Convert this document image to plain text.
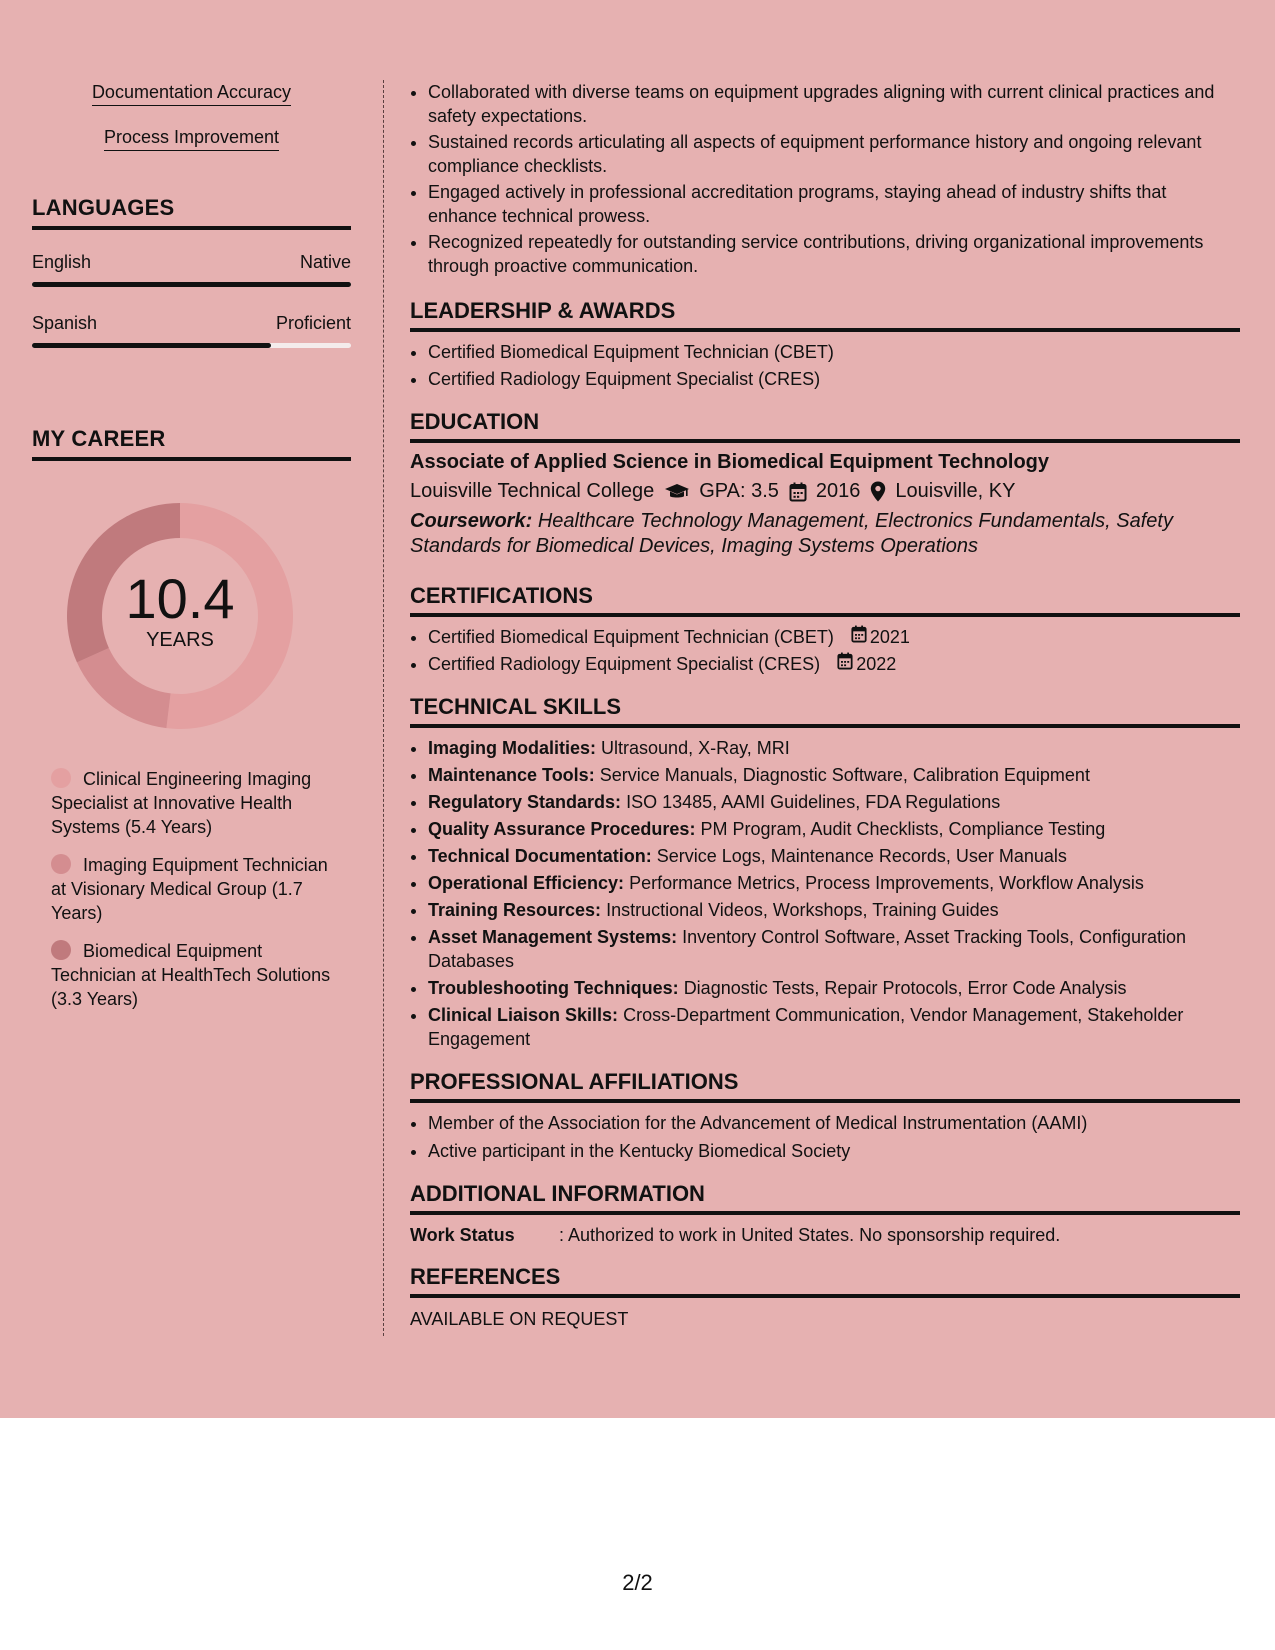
Documentation Accuracy
Process Improvement
LANGUAGES
English	Native
Spanish	Proficient
MY CAREER
10.4
YEARS
Clinical Engineering Imaging Specialist at Innovative Health Systems (5.4 Years)
Imaging Equipment Technician at Visionary Medical Group (1.7 Years)
Biomedical Equipment Technician at HealthTech Solutions (3.3 Years)
• Collaborated with diverse teams on equipment upgrades aligning with current clinical practices and safety expectations.
• Sustained records articulating all aspects of equipment performance history and ongoing relevant compliance checklists.
• Engaged actively in professional accreditation programs, staying ahead of industry shifts that enhance technical prowess.
• Recognized repeatedly for outstanding service contributions, driving organizational improvements through proactive communication.
LEADERSHIP & AWARDS
• Certified Biomedical Equipment Technician (CBET)
• Certified Radiology Equipment Specialist (CRES)
EDUCATION
Associate of Applied Science in Biomedical Equipment Technology
Louisville Technical College GPA: 3.5 2016 Louisville, KY
Coursework: Healthcare Technology Management, Electronics Fundamentals, Safety Standards for Biomedical Devices, Imaging Systems Operations
CERTIFICATIONS
• Certified Biomedical Equipment Technician (CBET) 2021
• Certified Radiology Equipment Specialist (CRES) 2022
TECHNICAL SKILLS
• Imaging Modalities: Ultrasound, X-Ray, MRI
• Maintenance Tools: Service Manuals, Diagnostic Software, Calibration Equipment
• Regulatory Standards: ISO 13485, AAMI Guidelines, FDA Regulations
• Quality Assurance Procedures: PM Program, Audit Checklists, Compliance Testing
• Technical Documentation: Service Logs, Maintenance Records, User Manuals
• Operational Efficiency: Performance Metrics, Process Improvements, Workflow Analysis
• Training Resources: Instructional Videos, Workshops, Training Guides
• Asset Management Systems: Inventory Control Software, Asset Tracking Tools, Configuration Databases
• Troubleshooting Techniques: Diagnostic Tests, Repair Protocols, Error Code Analysis
• Clinical Liaison Skills: Cross-Department Communication, Vendor Management, Stakeholder Engagement
PROFESSIONAL AFFILIATIONS
• Member of the Association for the Advancement of Medical Instrumentation (AAMI)
• Active participant in the Kentucky Biomedical Society
ADDITIONAL INFORMATION
Work Status	: Authorized to work in United States. No sponsorship required.
REFERENCES
AVAILABLE ON REQUEST
2/2
